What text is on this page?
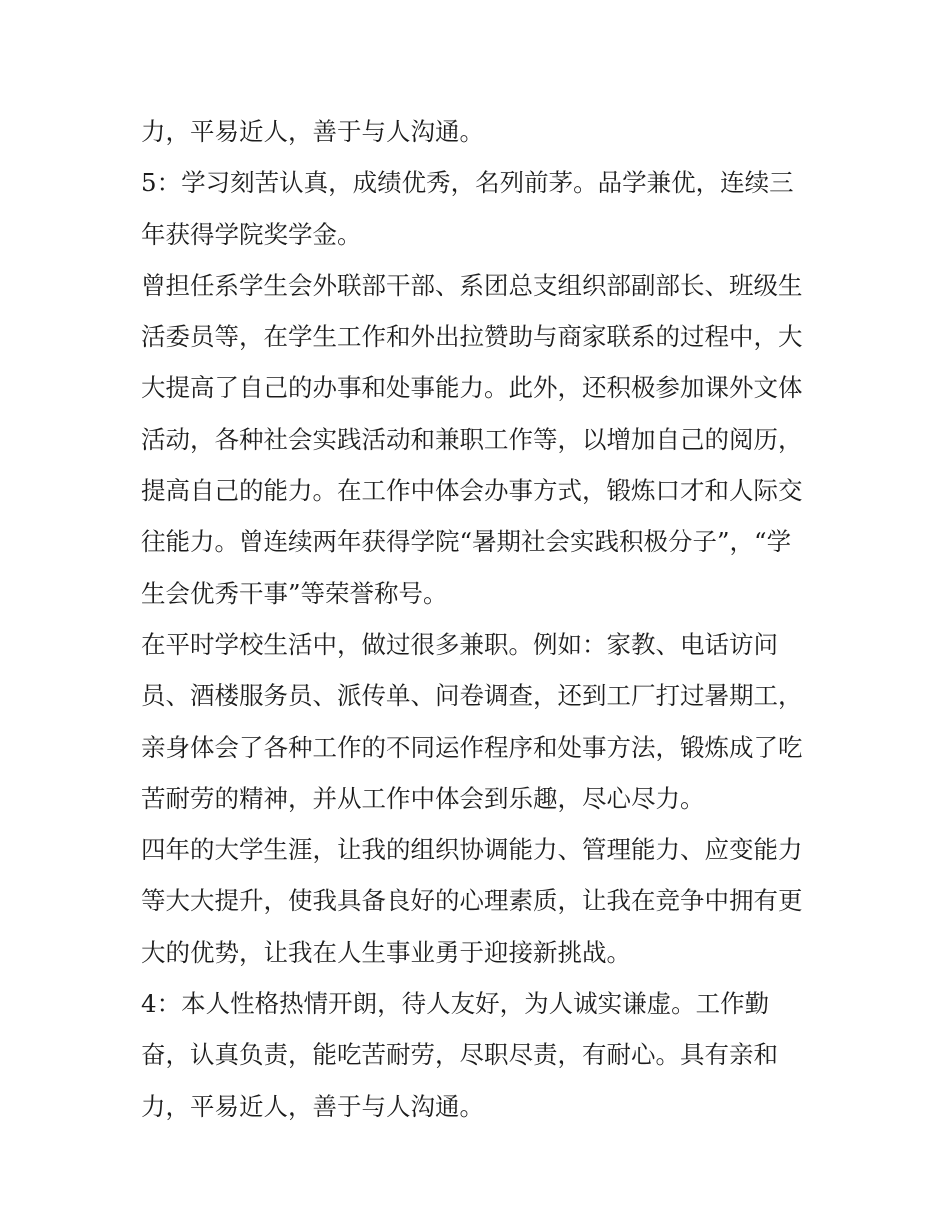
力，平易近人，善于与人沟通。

5：学习刻苦认真，成绩优秀，名列前茅。品学兼优，连续三

年获得学院奖学金。

曾担任系学生会外联部干部、系团总支组织部副部长、班级生

活委员等，在学生工作和外出拉赞助与商家联系的过程中，大

大提高了自己的办事和处事能力。此外，还积极参加课外文体

活动，各种社会实践活动和兼职工作等，以增加自己的阅历，

提高自己的能力。在工作中体会办事方式，锻炼口才和人际交

往能力。曾连续两年获得学院“暑期社会实践积极分子”，“学

生会优秀干事”等荣誉称号。

在平时学校生活中，做过很多兼职。例如：家教、电话访问

员、酒楼服务员、派传单、问卷调查，还到工厂打过暑期工，

亲身体会了各种工作的不同运作程序和处事方法，锻炼成了吃

苦耐劳的精神，并从工作中体会到乐趣，尽心尽力。

四年的大学生涯，让我的组织协调能力、管理能力、应变能力

等大大提升，使我具备良好的心理素质，让我在竞争中拥有更

大的优势，让我在人生事业勇于迎接新挑战。

4：本人性格热情开朗，待人友好，为人诚实谦虚。工作勤

奋，认真负责，能吃苦耐劳，尽职尽责，有耐心。具有亲和

力，平易近人，善于与人沟通。
